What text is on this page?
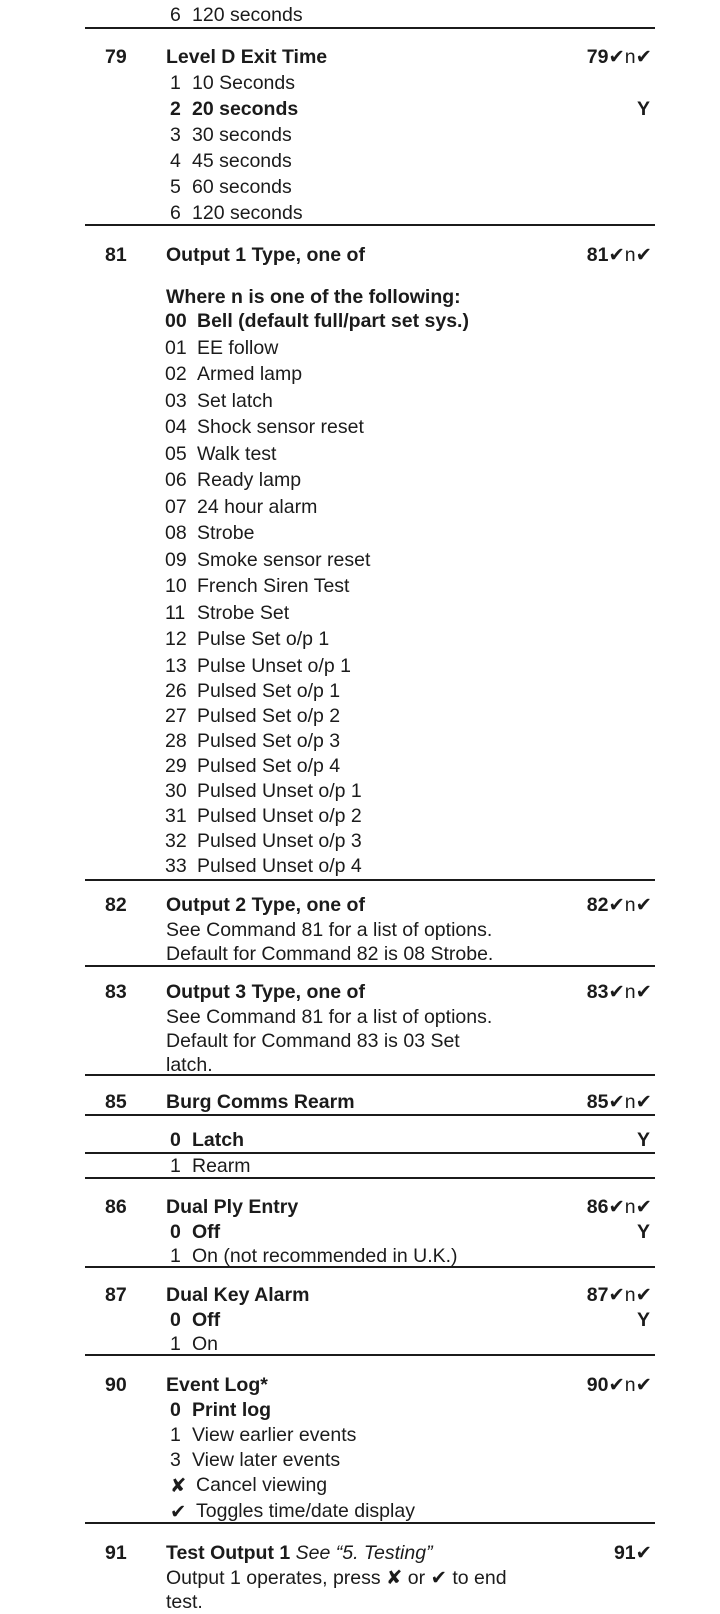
6 120 seconds
79	Level D Exit Time	79✔n✔
1 10 Seconds
2 20 seconds	Y
3 30 seconds
4 45 seconds
5 60 seconds
6 120 seconds
81	Output 1 Type, one of	81✔n✔
Where n is one of the following:
00 Bell (default full/part set sys.)
01 EE follow
02 Armed lamp
03 Set latch
04 Shock sensor reset
05 Walk test
06 Ready lamp
07 24 hour alarm
08 Strobe
09 Smoke sensor reset
10 French Siren Test
11 Strobe Set
12 Pulse Set o/p 1
13 Pulse Unset o/p 1
26 Pulsed Set o/p 1
27 Pulsed Set o/p 2
28 Pulsed Set o/p 3
29 Pulsed Set o/p 4
30 Pulsed Unset o/p 1
31 Pulsed Unset o/p 2
32 Pulsed Unset o/p 3
33 Pulsed Unset o/p 4
82	Output 2 Type, one of	82✔n✔
See Command 81 for a list of options.
Default for Command 82 is 08 Strobe.
83	Output 3 Type, one of	83✔n✔
See Command 81 for a list of options.
Default for Command 83 is 03 Set
latch.
85	Burg Comms Rearm	85✔n✔
0 Latch	Y
1 Rearm
86	Dual Ply Entry	86✔n✔
0 Off	Y
1 On (not recommended in U.K.)
87	Dual Key Alarm	87✔n✔
0 Off	Y
1 On
90	Event Log*	90✔n✔
0 Print log
1 View earlier events
3 View later events
✘ Cancel viewing
✔ Toggles time/date display
91	Test Output 1 See “5. Testing”	91✔
Output 1 operates, press ✘ or ✔ to end
test.
